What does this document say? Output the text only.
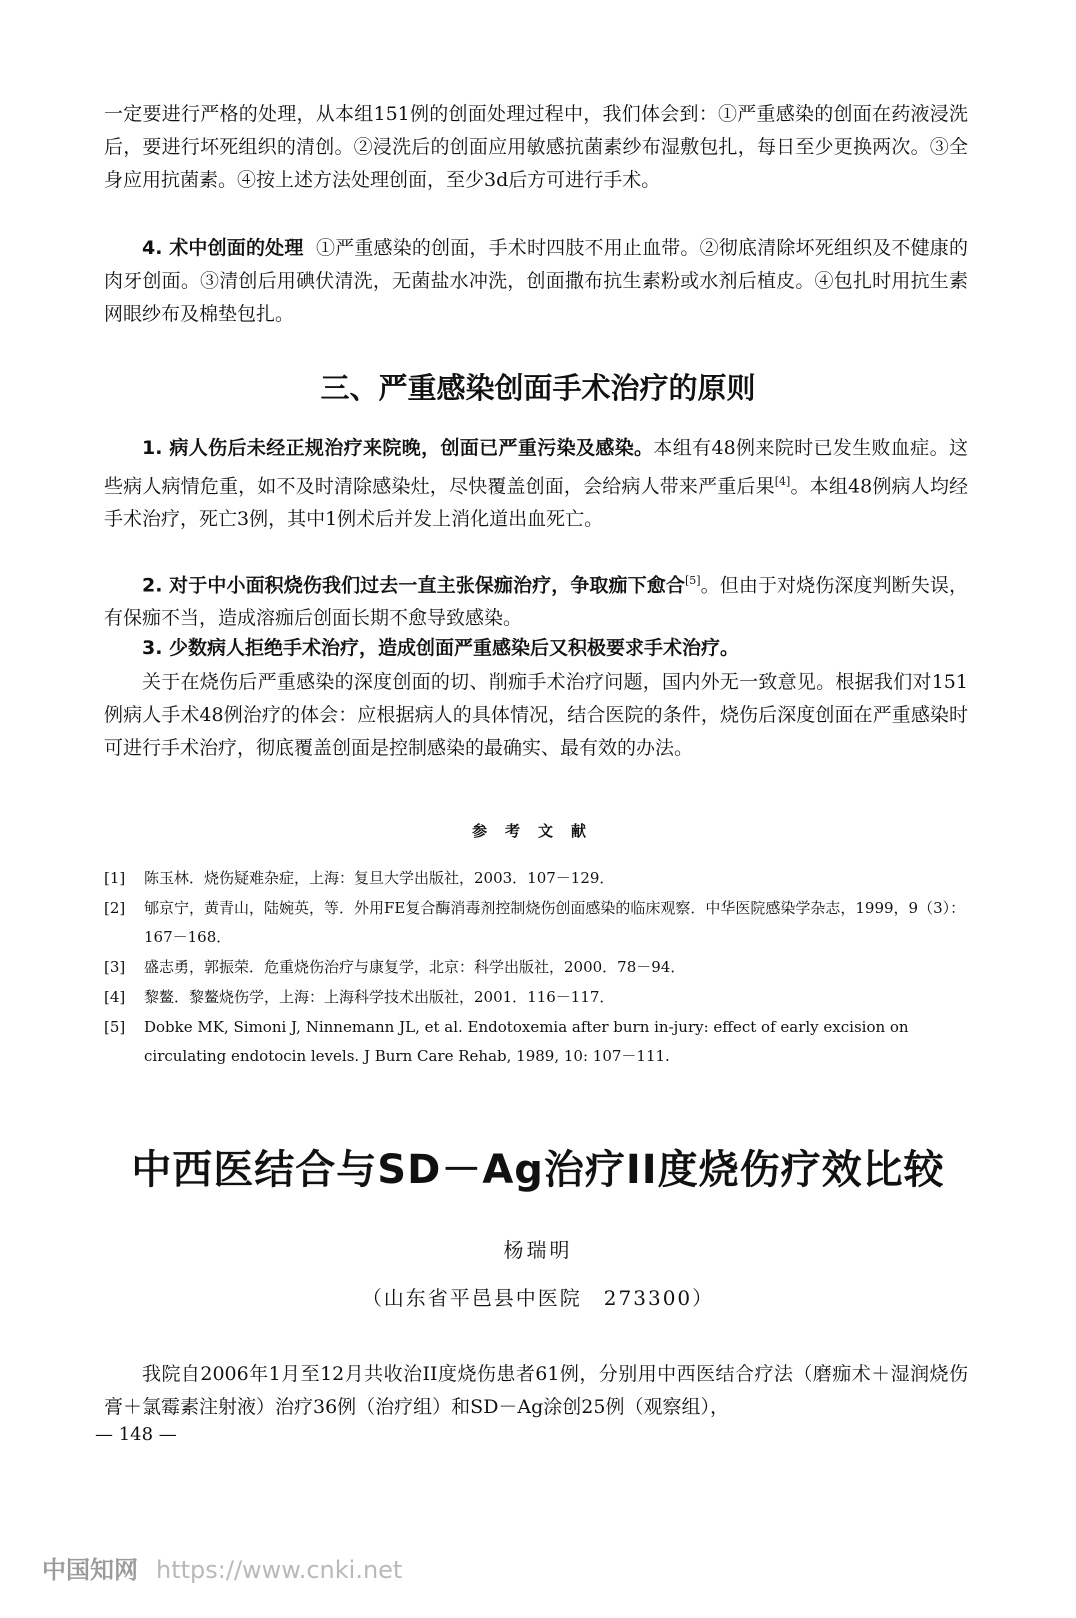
一定要进行严格的处理，从本组151例的创面处理过程中，我们体会到：①严重感染的创面在药液浸洗后，要进行坏死组织的清创。②浸洗后的创面应用敏感抗菌素纱布湿敷包扎，每日至少更换两次。③全身应用抗菌素。④按上述方法处理创面，至少3d后方可进行手术。

4. 术中创面的处理 ①严重感染的创面，手术时四肢不用止血带。②彻底清除坏死组织及不健康的肉牙创面。③清创后用碘伏清洗，无菌盐水冲洗，创面撒布抗生素粉或水剂后植皮。④包扎时用抗生素网眼纱布及棉垫包扎。

三、严重感染创面手术治疗的原则

1. 病人伤后未经正规治疗来院晚，创面已严重污染及感染。本组有48例来院时已发生败血症。这些病人病情危重，如不及时清除感染灶，尽快覆盖创面，会给病人带来严重后果[4]。本组48例病人均经手术治疗，死亡3例，其中1例术后并发上消化道出血死亡。

2. 对于中小面积烧伤我们过去一直主张保痂治疗，争取痂下愈合[5]。但由于对烧伤深度判断失误，有保痂不当，造成溶痂后创面长期不愈导致感染。

3. 少数病人拒绝手术治疗，造成创面严重感染后又积极要求手术治疗。

关于在烧伤后严重感染的深度创面的切、削痂手术治疗问题，国内外无一致意见。根据我们对151例病人手术48例治疗的体会：应根据病人的具体情况，结合医院的条件，烧伤后深度创面在严重感染时可进行手术治疗，彻底覆盖创面是控制感染的最确实、最有效的办法。

参考文献
[1] 陈玉林．烧伤疑难杂症，上海：复旦大学出版社，2003．107－129．
[2] 郇京宁，黄青山，陆婉英，等．外用FE复合酶消毒剂控制烧伤创面感染的临床观察．中华医院感染学杂志，1999，9（3）：167－168．
[3] 盛志勇，郭振荣．危重烧伤治疗与康复学，北京：科学出版社，2000．78－94．
[4] 黎鳌．黎鳌烧伤学，上海：上海科学技术出版社，2001．116－117．
[5] Dobke MK, Simoni J, Ninnemann JL, et al. Endotoxemia after burn in-jury: effect of early excision on circulating endotocin levels. J Burn Care Rehab, 1989, 10: 107－111.
中西医结合与SD－Ag治疗II度烧伤疗效比较

杨瑞明

（山东省平邑县中医院　273300）

我院自2006年1月至12月共收治II度烧伤患者61例，分别用中西医结合疗法（磨痂术＋湿润烧伤膏＋氯霉素注射液）治疗36例（治疗组）和SD－Ag涂创25例（观察组），

— 148 —

中国知网 https://www.cnki.net
